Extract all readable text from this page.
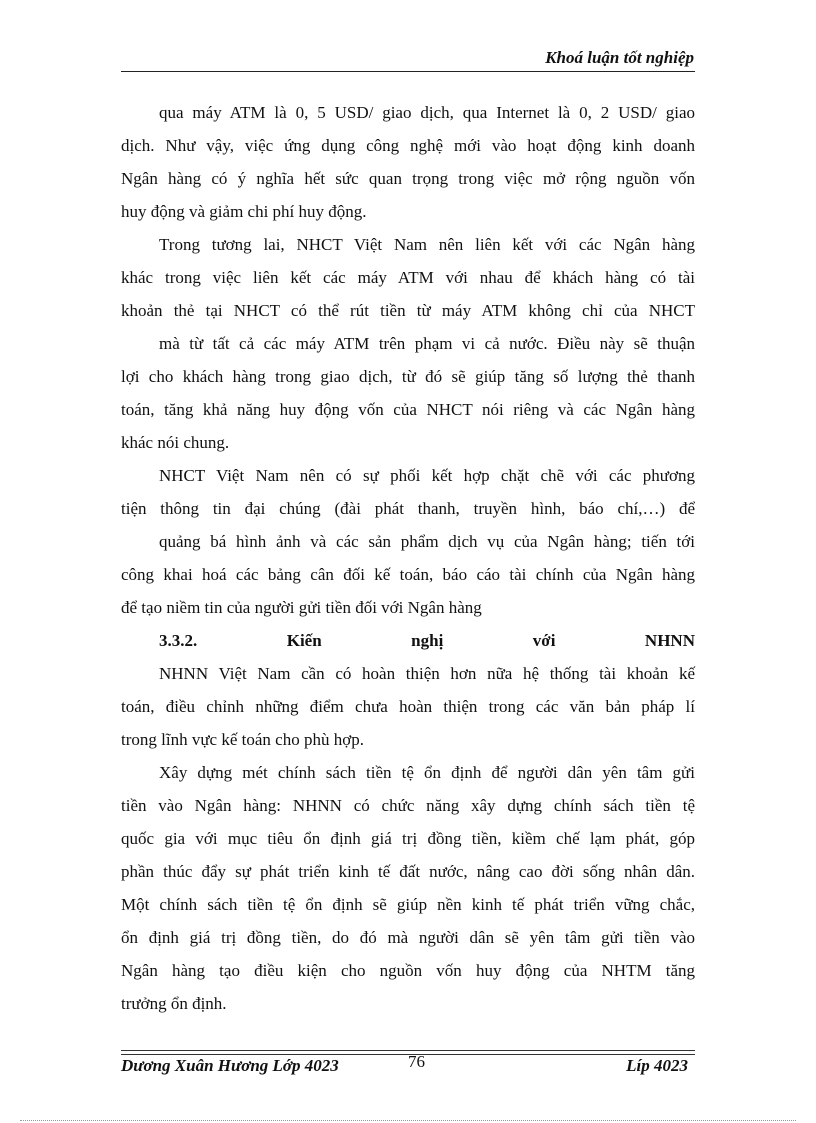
Khoá luận tốt nghiệp
qua máy ATM là 0, 5 USD/ giao dịch, qua Internet là 0, 2 USD/ giao
dịch. Như vậy, việc ứng dụng công nghệ mới vào hoạt động kinh doanh
Ngân hàng có ý nghĩa hết sức quan trọng trong việc mở rộng nguồn vốn
huy động và giảm chi phí huy động.
Trong tương lai, NHCT Việt Nam nên liên kết với các Ngân hàng
khác trong việc liên kết các máy ATM với nhau để khách hàng có tài
khoản thẻ tại NHCT có thể rút tiền từ máy ATM không chỉ của NHCT
mà từ tất cả các máy ATM trên phạm vi cả nước. Điều này sẽ thuận
lợi cho khách hàng trong giao dịch, từ đó sẽ giúp tăng số lượng thẻ thanh
toán, tăng khả năng huy động vốn của NHCT nói riêng và các Ngân hàng
khác nói chung.
NHCT Việt Nam nên có sự phối kết hợp chặt chẽ với các phương
tiện thông tin đại chúng (đài phát thanh, truyền hình, báo chí,…) để
quảng bá hình ảnh và các sản phẩm dịch vụ của Ngân hàng; tiến tới
công khai hoá các bảng cân đối kế toán, báo cáo tài chính của Ngân hàng
để tạo niềm tin của người gửi tiền đối với Ngân hàng
3.3.2.	Kiến	nghị	với	NHNN
NHNN Việt Nam cần có hoàn thiện hơn nữa hệ thống tài khoản kế
toán, điều chỉnh những điểm chưa hoàn thiện trong các văn bản pháp lí
trong lĩnh vực kế toán cho phù hợp.
Xây dựng mét chính sách tiền tệ ổn định để người dân yên tâm gửi
tiền vào Ngân hàng: NHNN có chức năng xây dựng chính sách tiền tệ
quốc gia với mục tiêu ổn định giá trị đồng tiền, kiềm chế lạm phát, góp
phần thúc đẩy sự phát triển kinh tế đất nước, nâng cao đời sống nhân dân.
Một chính sách tiền tệ ổn định sẽ giúp nền kinh tế phát triển vững chắc,
ổn định giá trị đồng tiền, do đó mà người dân sẽ yên tâm gửi tiền vào
Ngân hàng tạo điều kiện cho nguồn vốn huy động của NHTM tăng
trưởng ổn định.
Dương Xuân Hương Lớp 4023	76	Líp 4023
